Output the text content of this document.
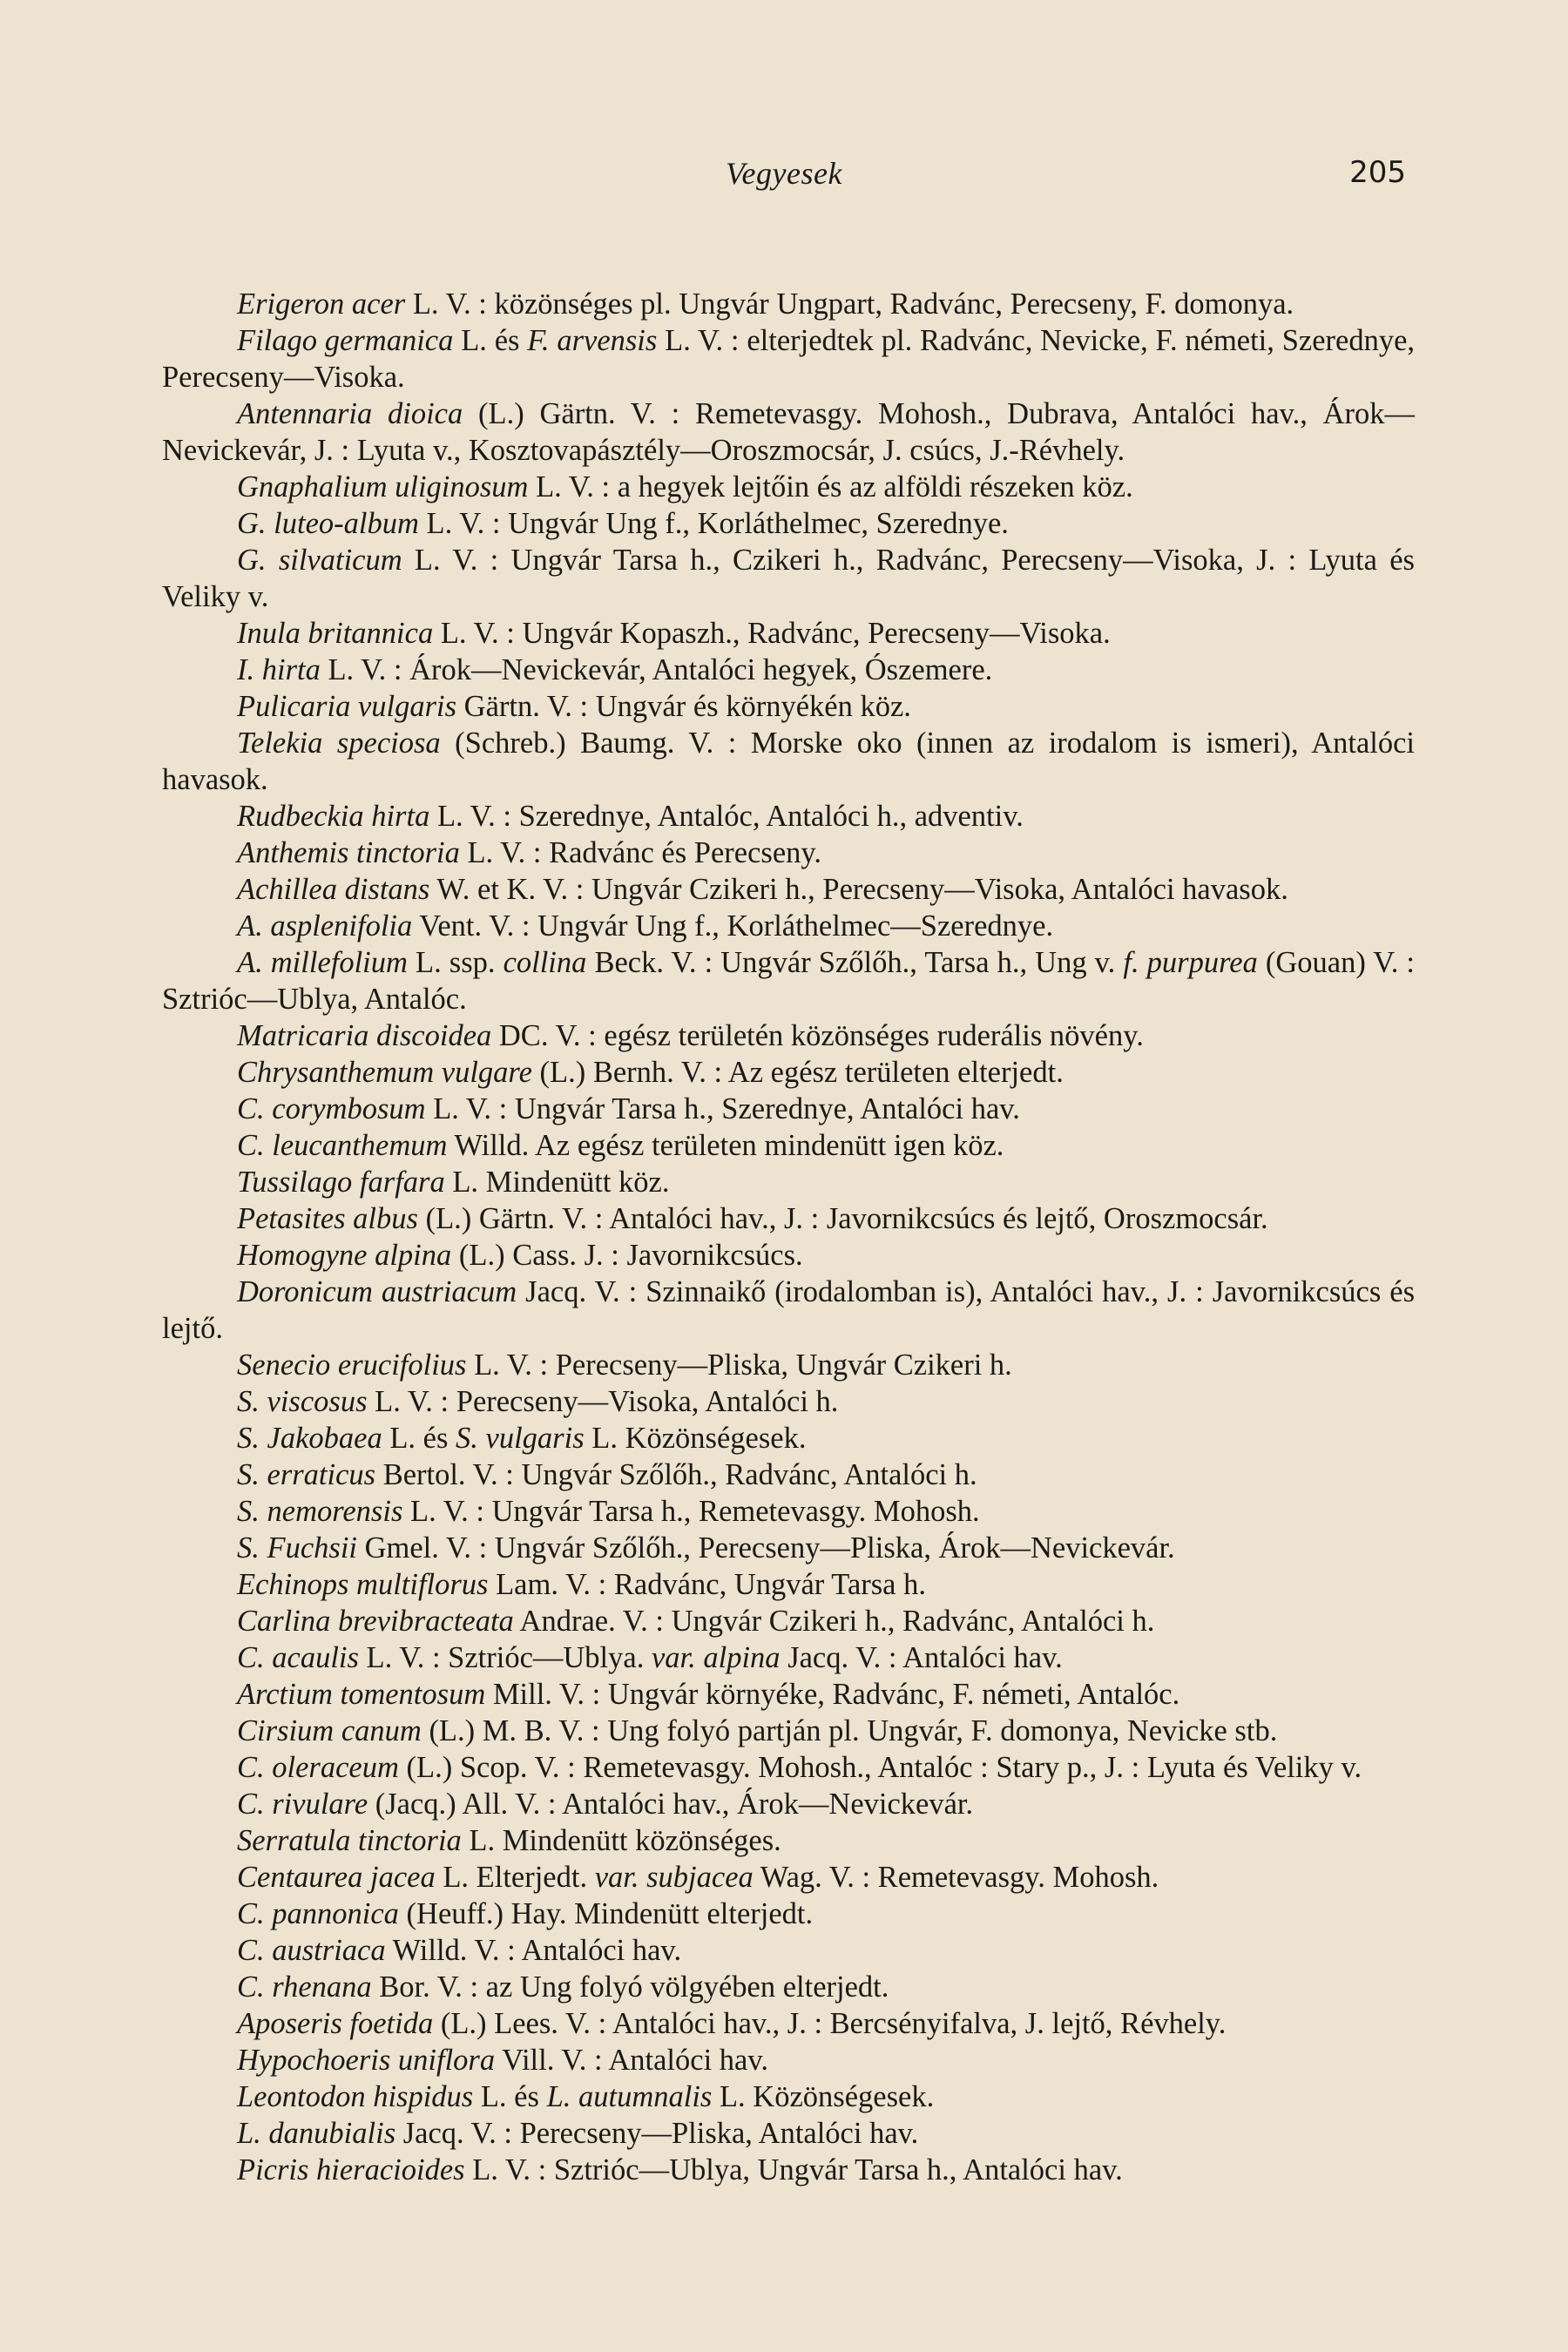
Vegyesek	205

Erigeron acer L. V. : közönséges pl. Ungvár Ungpart, Radvánc, Perecseny, F. domonya.

Filago germanica L. és F. arvensis L. V. : elterjedtek pl. Radvánc, Nevicke, F. németi, Szerednye, Perecseny—Visoka.

Antennaria dioica (L.) Gärtn. V. : Remetevasgy. Mohosh., Dubrava, Antalóci hav., Árok—Nevickevár, J. : Lyuta v., Kosztovapásztély—Oroszmocsár, J. csúcs, J.-Révhely.

Gnaphalium uliginosum L. V. : a hegyek lejtőin és az alföldi részeken köz.

G. luteo-album L. V. : Ungvár Ung f., Korláthelmec, Szerednye.

G. silvaticum L. V. : Ungvár Tarsa h., Czikeri h., Radvánc, Perecseny—Visoka, J. : Lyuta és Veliky v.

Inula britannica L. V. : Ungvár Kopaszh., Radvánc, Perecseny—Visoka.

I. hirta L. V. : Árok—Nevickevár, Antalóci hegyek, Ószemere.

Pulicaria vulgaris Gärtn. V. : Ungvár és környékén köz.

Telekia speciosa (Schreb.) Baumg. V. : Morske oko (innen az irodalom is ismeri), Antalóci havasok.

Rudbeckia hirta L. V. : Szerednye, Antalóc, Antalóci h., adventiv.

Anthemis tinctoria L. V. : Radvánc és Perecseny.

Achillea distans W. et K. V. : Ungvár Czikeri h., Perecseny—Visoka, Antalóci havasok.

A. asplenifolia Vent. V. : Ungvár Ung f., Korláthelmec—Szerednye.

A. millefolium L. ssp. collina Beck. V. : Ungvár Szőlőh., Tarsa h., Ung v. f. purpurea (Gouan) V. : Sztrióc—Ublya, Antalóc.

Matricaria discoidea DC. V. : egész területén közönséges ruderális növény.

Chrysanthemum vulgare (L.) Bernh. V. : Az egész területen elterjedt.

C. corymbosum L. V. : Ungvár Tarsa h., Szerednye, Antalóci hav.

C. leucanthemum Willd. Az egész területen mindenütt igen köz.

Tussilago farfara L. Mindenütt köz.

Petasites albus (L.) Gärtn. V. : Antalóci hav., J. : Javornikcsúcs és lejtő, Oroszmocsár.

Homogyne alpina (L.) Cass. J. : Javornikcsúcs.

Doronicum austriacum Jacq. V. : Szinnaikő (irodalomban is), Antalóci hav., J. : Javornikcsúcs és lejtő.

Senecio erucifolius L. V. : Perecseny—Pliska, Ungvár Czikeri h.

S. viscosus L. V. : Perecseny—Visoka, Antalóci h.

S. Jakobaea L. és S. vulgaris L. Közönségesek.

S. erraticus Bertol. V. : Ungvár Szőlőh., Radvánc, Antalóci h.

S. nemorensis L. V. : Ungvár Tarsa h., Remetevasgy. Mohosh.

S. Fuchsii Gmel. V. : Ungvár Szőlőh., Perecseny—Pliska, Árok—Nevickevár.

Echinops multiflorus Lam. V. : Radvánc, Ungvár Tarsa h.

Carlina brevibracteata Andrae. V. : Ungvár Czikeri h., Radvánc, Antalóci h.

C. acaulis L. V. : Sztrióc—Ublya. var. alpina Jacq. V. : Antalóci hav.

Arctium tomentosum Mill. V. : Ungvár környéke, Radvánc, F. németi, Antalóc.

Cirsium canum (L.) M. B. V. : Ung folyó partján pl. Ungvár, F. domonya, Nevicke stb.

C. oleraceum (L.) Scop. V. : Remetevasgy. Mohosh., Antalóc : Stary p., J. : Lyuta és Veliky v.

C. rivulare (Jacq.) All. V. : Antalóci hav., Árok—Nevickevár.

Serratula tinctoria L. Mindenütt közönséges.

Centaurea jacea L. Elterjedt. var. subjacea Wag. V. : Remetevasgy. Mohosh.

C. pannonica (Heuff.) Hay. Mindenütt elterjedt.

C. austriaca Willd. V. : Antalóci hav.

C. rhenana Bor. V. : az Ung folyó völgyében elterjedt.

Aposeris foetida (L.) Lees. V. : Antalóci hav., J. : Bercsényifalva, J. lejtő, Révhely.

Hypochoeris uniflora Vill. V. : Antalóci hav.

Leontodon hispidus L. és L. autumnalis L. Közönségesek.

L. danubialis Jacq. V. : Perecseny—Pliska, Antalóci hav.

Picris hieracioides L. V. : Sztrióc—Ublya, Ungvár Tarsa h., Antalóci hav.
